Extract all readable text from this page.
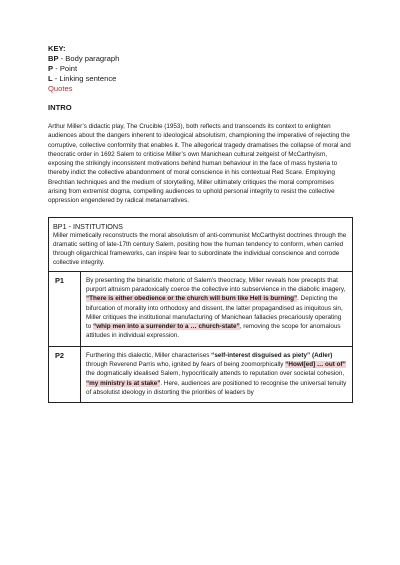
KEY:
BP - Body paragraph
P - Point
L - Linking sentence
Quotes
INTRO
Arthur Miller’s didactic play, The Crucible (1953), both reflects and transcends its context to enlighten audiences about the dangers inherent to ideological absolutism, championing the imperative of rejecting the corruptive, collective conformity that enables it. The allegorical tragedy dramatises the collapse of moral and theocratic order in 1692 Salem to criticise Miller’s own Manichean cultural zeitgeist of McCarthyism, exposing the strikingly inconsistent motivations behind human behaviour in the face of mass hysteria to thereby indict the collective abandonment of moral conscience in his contextual Red Scare. Employing Brechtian techniques and the medium of storytelling, Miller ultimately critiques the moral compromises arising from extremist dogma, compelling audiences to uphold personal integrity to resist the collective oppression engendered by radical metanarratives.
BP1 - INSTITUTIONS
Miller mimetically reconstructs the moral absolutism of anti-communist McCarthyist doctrines through the dramatic setting of late-17th century Salem, positing how the human tendency to conform, when carried through oligarchical frameworks, can inspire fear to subordinate the individual conscience and corrode collective integrity.
P1	By presenting the binaristic rhetoric of Salem’s theocracy, Miller reveals how precepts that purport altruism paradoxically coerce the collective into subservience in the diabolic imagery, “There is either obedience or the church will burn like Hell is burning”. Depicting the bifurcation of morality into orthodoxy and dissent, the latter propagandised as iniquitous sin, Miller critiques the institutional manufacturing of Manichean fallacies precariously operating to “whip men into a surrender to a … church-state”, removing the scope for anomalous attitudes in individual expression.
P2	Furthering this dialectic, Miller characterises “self-interest disguised as piety” (Adler) through Reverend Parris who, ignited by fears of being zoomorphically “Howl[ed] … out of” the dogmatically idealised Salem, hypocritically attends to reputation over societal cohesion, “my ministry is at stake”. Here, audiences are positioned to recognise the universal tenuity of absolutist ideology in distorting the priorities of leaders by
